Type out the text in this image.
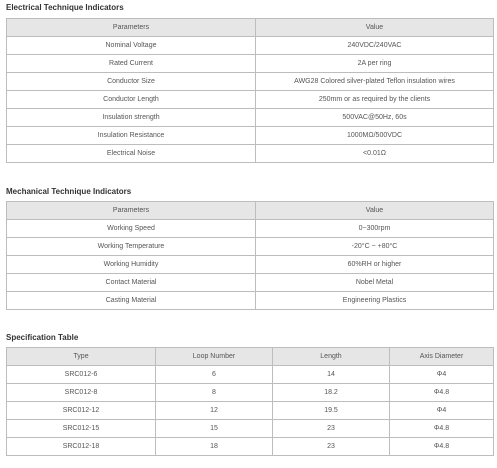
Electrical Technique Indicators
Parameters	Value
Nominal Voltage	240VDC/240VAC
Rated Current	2A per ring
Conductor Size	AWG28 Colored silver-plated Teflon insulation wires
Conductor Length	250mm or as required by the clients
Insulation strength	500VAC@50Hz, 60s
Insulation Resistance	1000MΩ/500VDC
Electrical Noise	<0.01Ω
Mechanical Technique Indicators
Parameters	Value
Working Speed	0~300rpm
Working Temperature	-20°C ~ +80°C
Working Humidity	60%RH or higher
Contact Material	Nobel Metal
Casting Material	Engineering Plastics
Specification Table
Type	Loop Number	Length	Axis Diameter
SRC012-6	6	14	Φ4
SRC012-8	8	18.2	Φ4.8
SRC012-12	12	19.5	Φ4
SRC012-15	15	23	Φ4.8
SRC012-18	18	23	Φ4.8
